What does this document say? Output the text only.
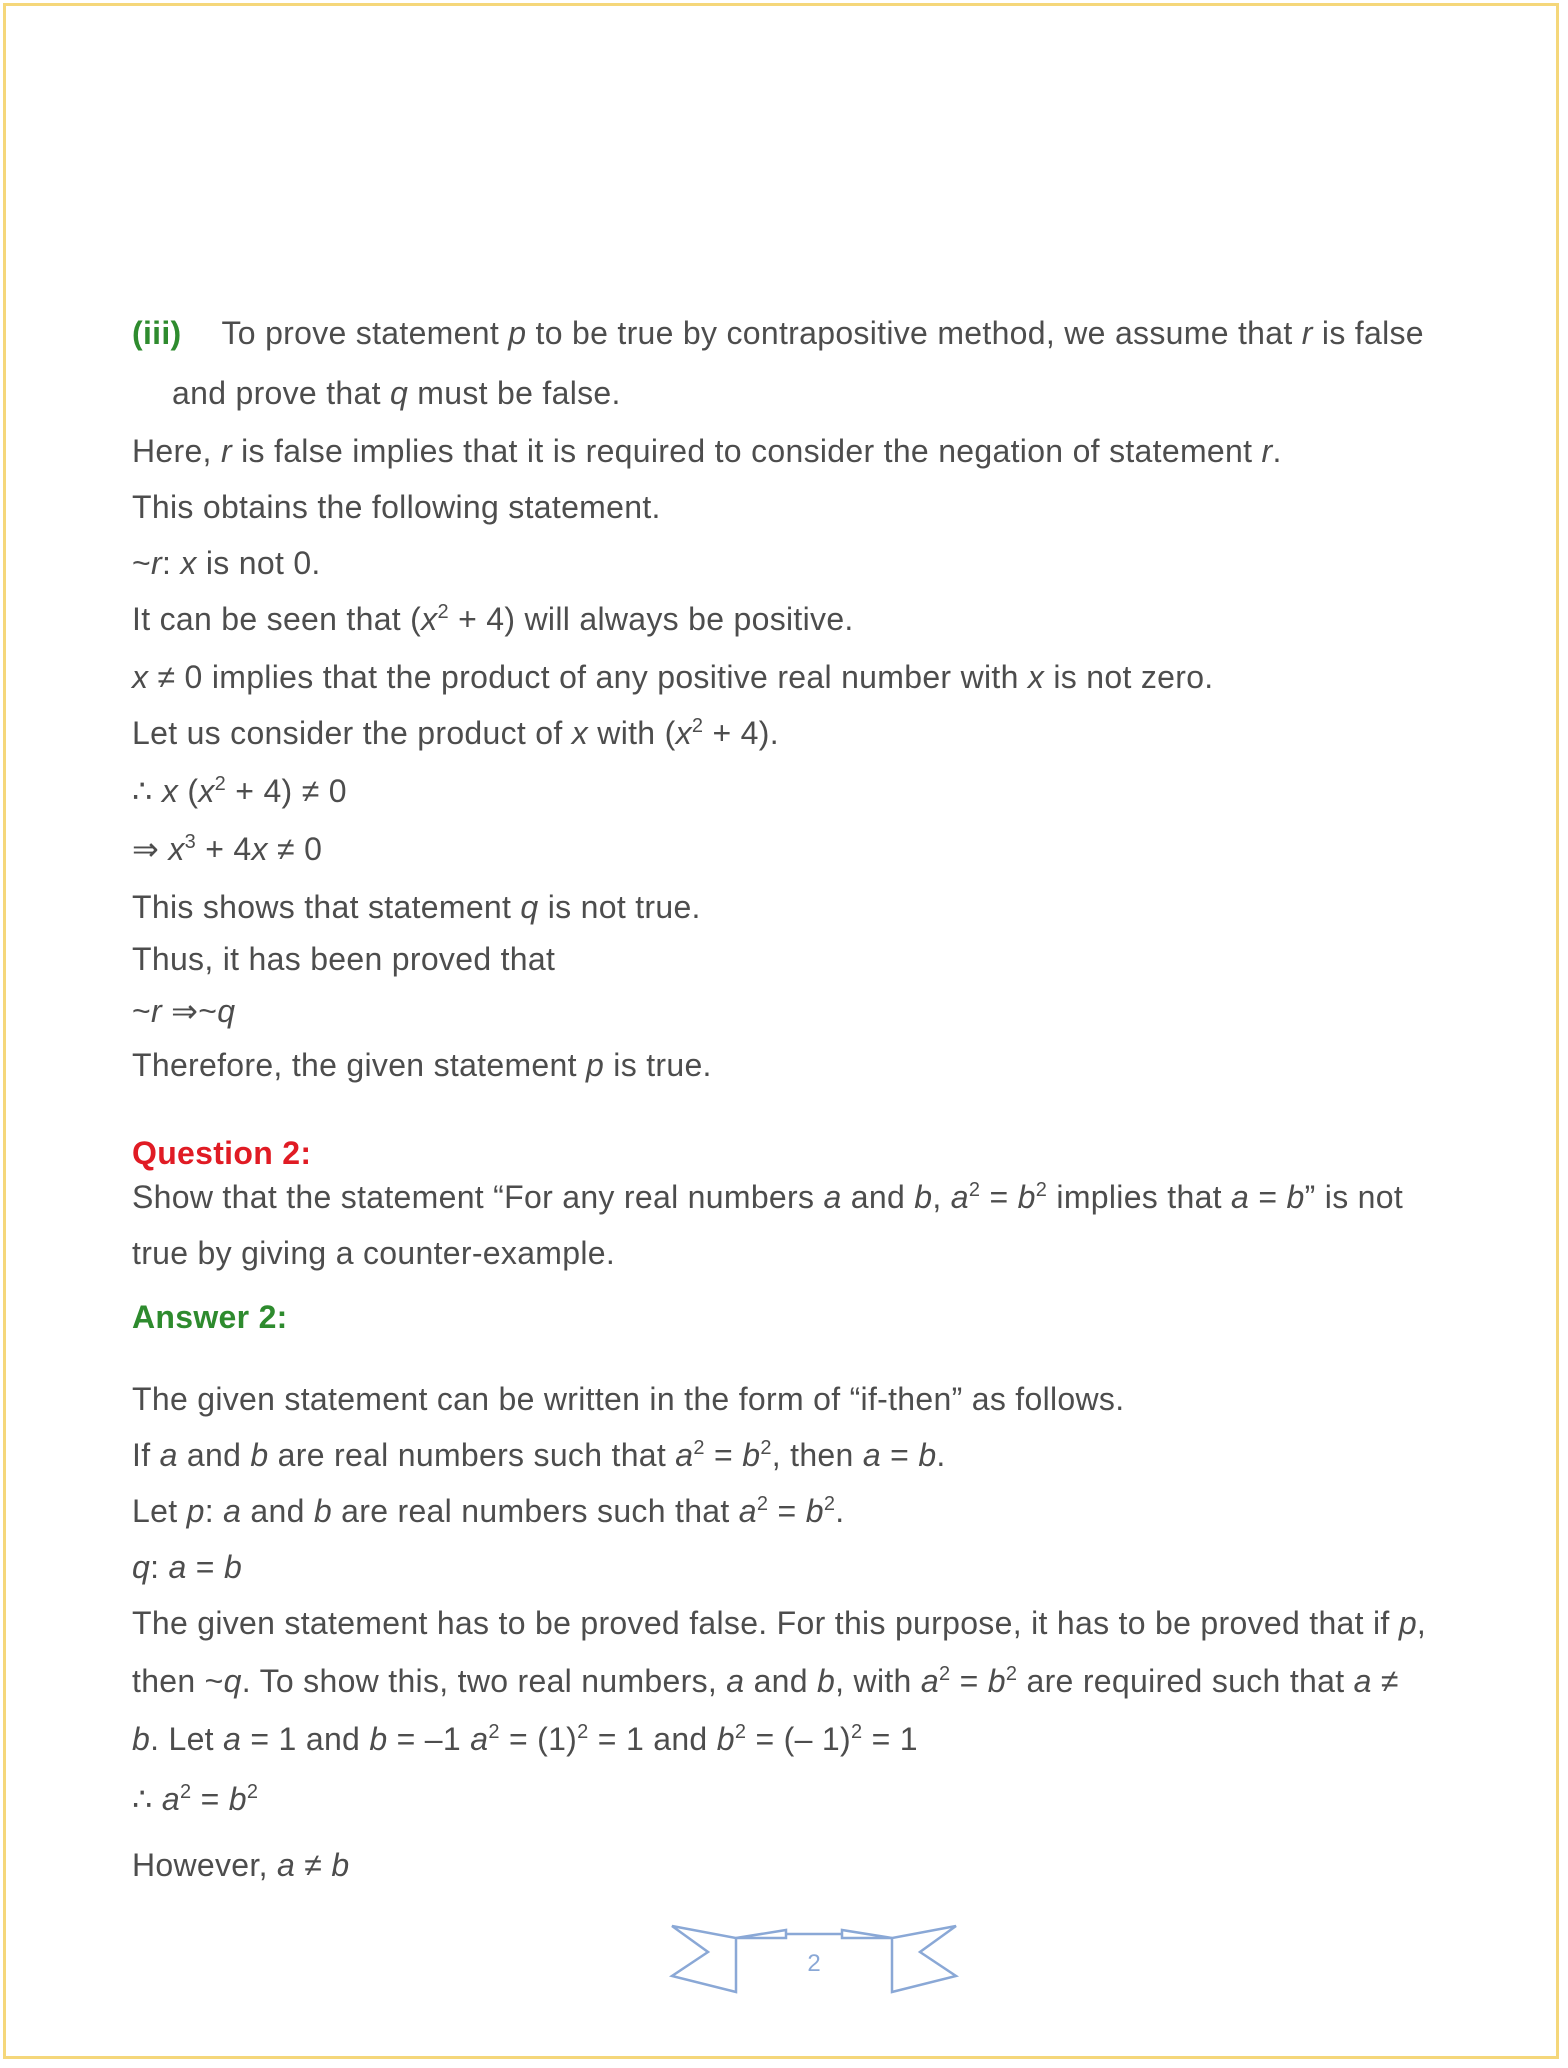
(iii) To prove statement p to be true by contrapositive method, we assume that r is false
and prove that q must be false.
Here, r is false implies that it is required to consider the negation of statement r.
This obtains the following statement.
~r: x is not 0.
It can be seen that $(x^2 + 4)$ will always be positive.
x ≠ 0 implies that the product of any positive real number with x is not zero.
Let us consider the product of x with $(x^2 + 4)$.
∴ x $(x^2 + 4) \ne 0$
⇒ $x^3 + 4x \ne 0$
This shows that statement q is not true.
Thus, it has been proved that
~r ⇒~q
Therefore, the given statement p is true.
Question 2:
Show that the statement “For any real numbers a and b, $a^2 = b^2$ implies that a = b” is not
true by giving a counter-example.
Answer 2:
The given statement can be written in the form of “if-then” as follows.
If a and b are real numbers such that $a^2 = b^2$, then a = b.
Let p: a and b are real numbers such that $a^2 = b^2$.
q: a = b
The given statement has to be proved false. For this purpose, it has to be proved that if p,
then ~q. To show this, two real numbers, a and b, with $a^2 = b^2$ are required such that a ≠
b. Let a = 1 and b = –1 $a^2 = (1)^2 = 1$ and $b^2$ = (– 1)$^2$ = 1
∴ $a^2 = b^2$
However, a ≠ b
2
